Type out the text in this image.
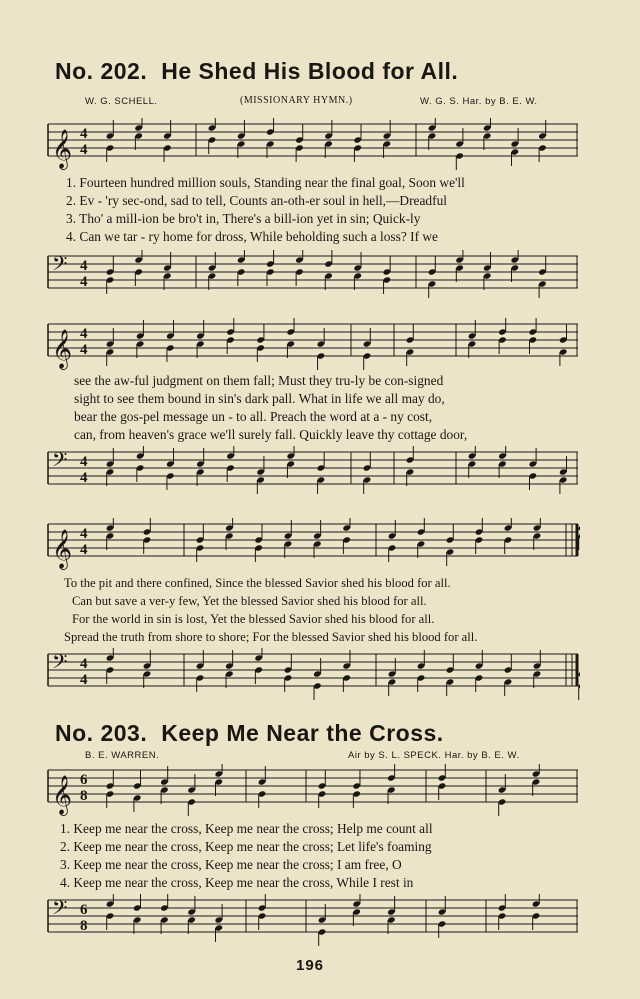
No. 202. He Shed His Blood for All.
W. G. SCHELL.	(MISSIONARY HYMN.)	W. G. S. Har. by B. E. W.
𝄞 4
4
1. Fourteen hundred million souls, Standing near the final goal, Soon we'll
2. Ev - 'ry sec-ond, sad to tell, Counts an-oth-er soul in hell,—Dreadful
3. Tho' a mill-ion be bro't in, There's a bill-ion yet in sin; Quick-ly
4. Can we tar - ry home for dross, While beholding such a loss? If we
𝄢 4
4
𝄞 4
4
see the aw-ful judgment on them fall; Must they tru-ly be con-signed
sight to see them bound in sin's dark pall. What in life we all may do,
bear the gos-pel message un - to all. Preach the word at a - ny cost,
can, from heaven's grace we'll surely fall. Quickly leave thy cottage door,
𝄢 4
4
𝄞 4
4
To the pit and there confined, Since the blessed Savior shed his blood for all.
Can but save a ver-y few, Yet the blessed Savior shed his blood for all.
For the world in sin is lost, Yet the blessed Savior shed his blood for all.
Spread the truth from shore to shore; For the blessed Savior shed his blood for all.
𝄢 4
4
No. 203. Keep Me Near the Cross.
B. E. WARREN.	Air by S. L. SPECK. Har. by B. E. W.
𝄞 6
8
1. Keep me near the cross, Keep me near the cross; Help me count all
2. Keep me near the cross, Keep me near the cross; Let life's foaming
3. Keep me near the cross, Keep me near the cross; I am free, O
4. Keep me near the cross, Keep me near the cross, While I rest in
𝄢 6
8
196
